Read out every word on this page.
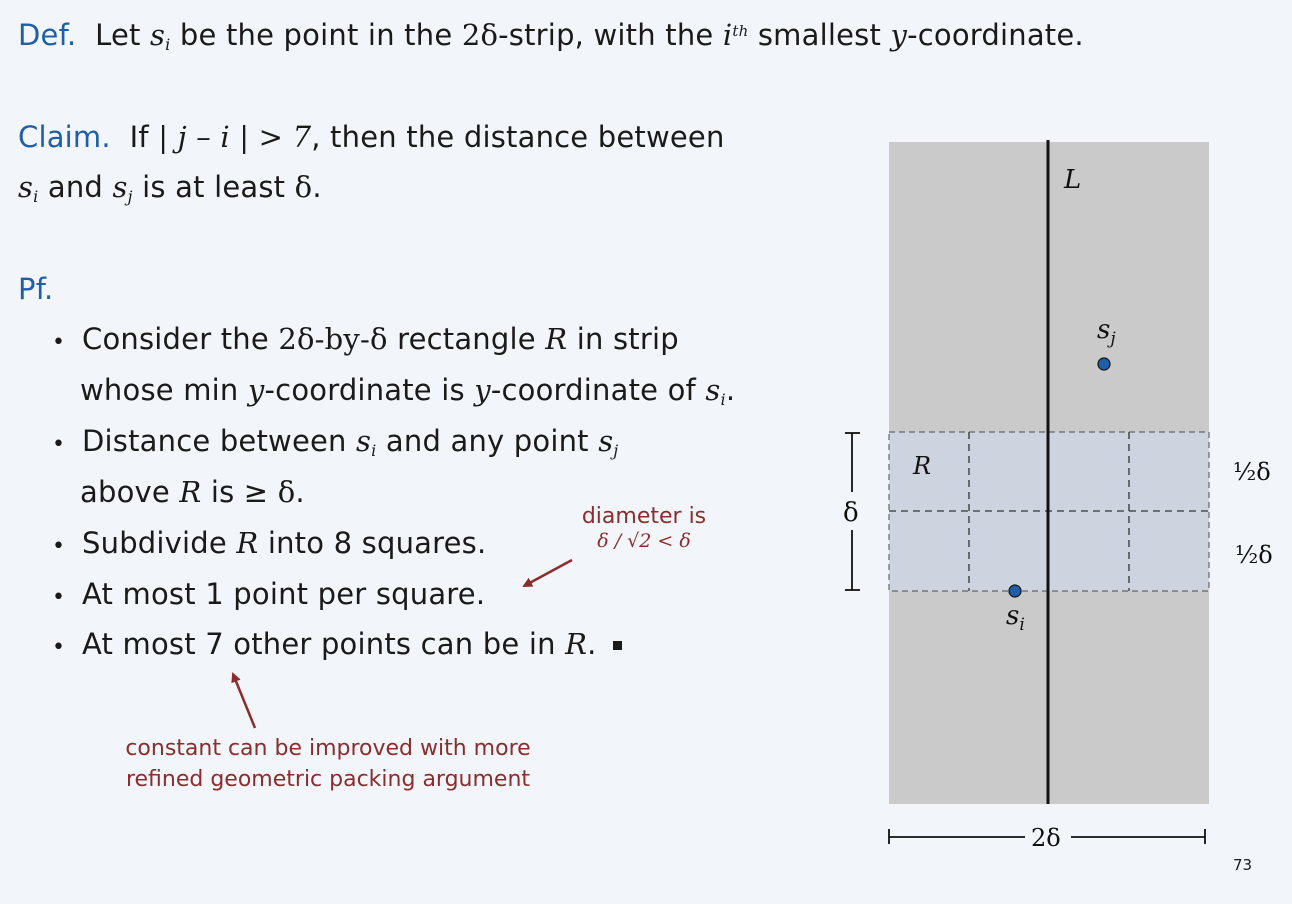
Def. Let $s_i$ be the point in the 2δ-strip, with the $i^{th}$ smallest y-coordinate.
Claim. If | j – i | > 7, then the distance between
$s_i$ and $s_j$ is at least δ.
Pf.
• Consider the 2δ-by-δ rectangle R in strip
whose min y-coordinate is y-coordinate of $s_i$.
• Distance between $s_i$ and any point $s_j$
above R is ≥ δ.
• Subdivide R into 8 squares.
• At most 1 point per square.
• At most 7 other points can be in R.
diameter is
δ / √2 < δ
constant can be improved with more
refined geometric packing argument
L
R
$s_j$
$s_i$
δ
½δ
½δ
2δ
73
